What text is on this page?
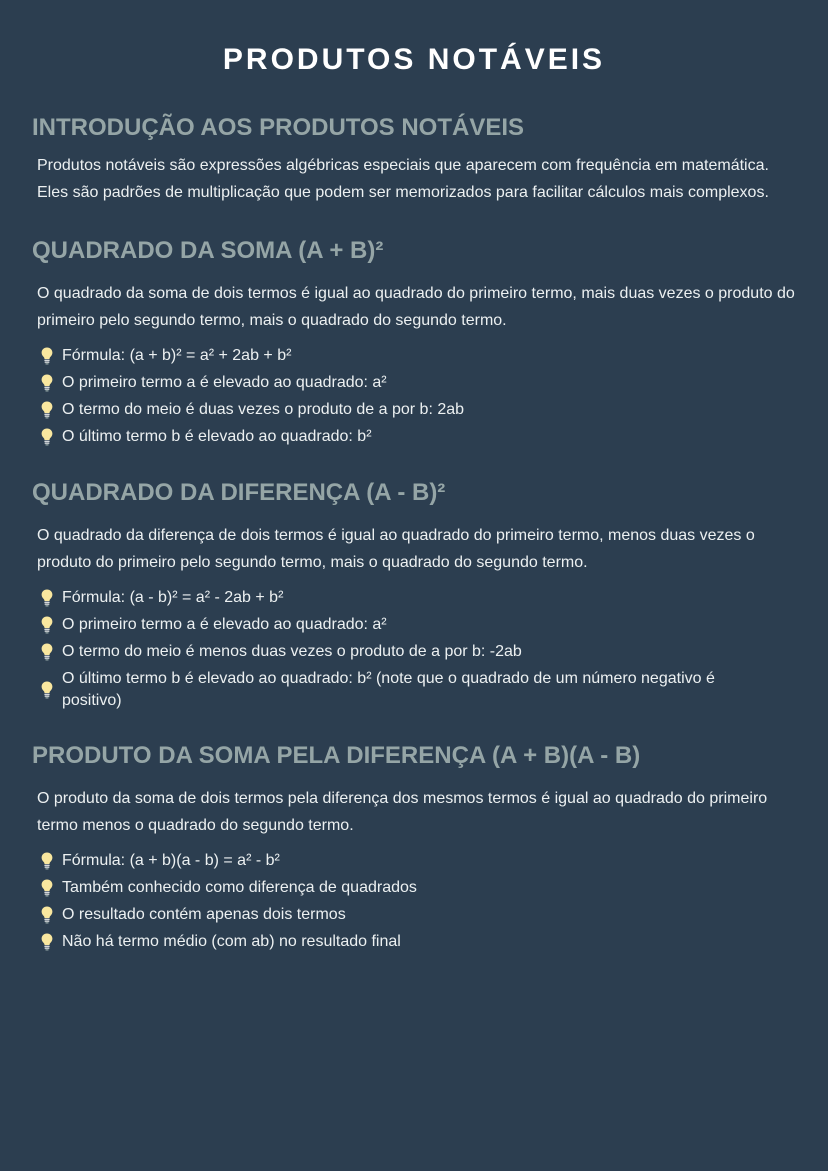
PRODUTOS NOTÁVEIS
INTRODUÇÃO AOS PRODUTOS NOTÁVEIS

Produtos notáveis são expressões algébricas especiais que aparecem com frequência em matemática. Eles são padrões de multiplicação que podem ser memorizados para facilitar cálculos mais complexos.

QUADRADO DA SOMA (A + B)²

O quadrado da soma de dois termos é igual ao quadrado do primeiro termo, mais duas vezes o produto do primeiro pelo segundo termo, mais o quadrado do segundo termo.

Fórmula: (a + b)² = a² + 2ab + b²
O primeiro termo a é elevado ao quadrado: a²
O termo do meio é duas vezes o produto de a por b: 2ab
O último termo b é elevado ao quadrado: b²
QUADRADO DA DIFERENÇA (A - B)²

O quadrado da diferença de dois termos é igual ao quadrado do primeiro termo, menos duas vezes o produto do primeiro pelo segundo termo, mais o quadrado do segundo termo.

Fórmula: (a - b)² = a² - 2ab + b²
O primeiro termo a é elevado ao quadrado: a²
O termo do meio é menos duas vezes o produto de a por b: -2ab
O último termo b é elevado ao quadrado: b² (note que o quadrado de um número negativo é positivo)
PRODUTO DA SOMA PELA DIFERENÇA (A + B)(A - B)

O produto da soma de dois termos pela diferença dos mesmos termos é igual ao quadrado do primeiro termo menos o quadrado do segundo termo.

Fórmula: (a + b)(a - b) = a² - b²
Também conhecido como diferença de quadrados
O resultado contém apenas dois termos
Não há termo médio (com ab) no resultado final
